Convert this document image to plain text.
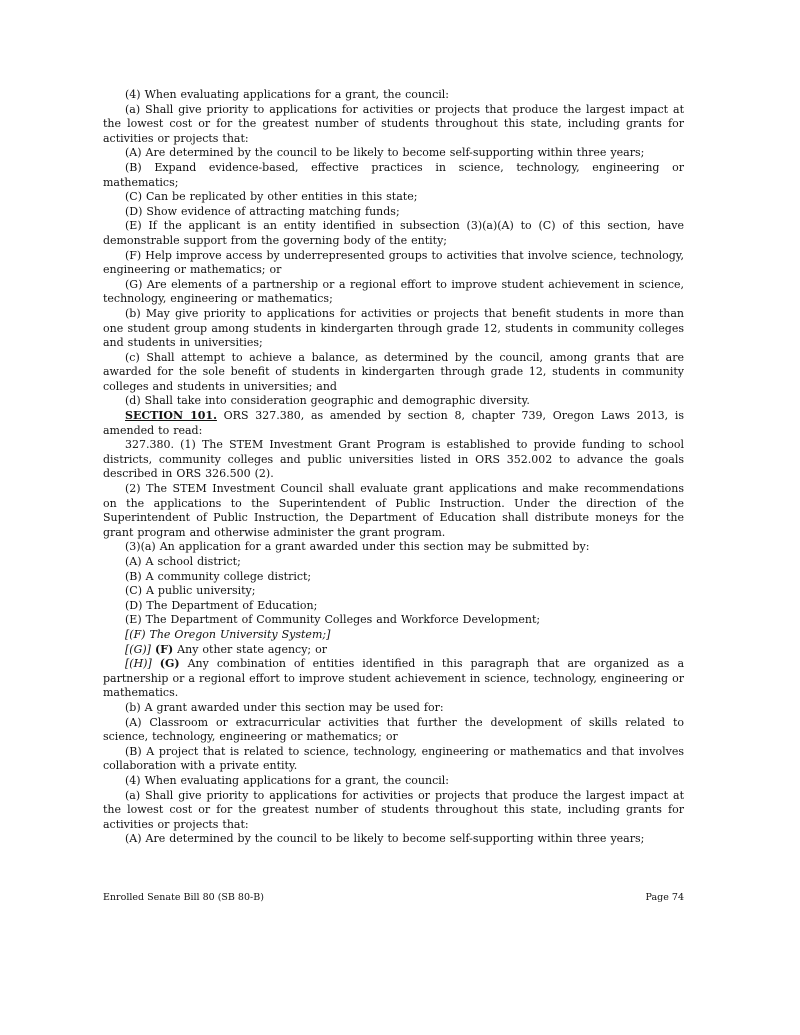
(4) When evaluating applications for a grant, the council:

(a) Shall give priority to applications for activities or projects that produce the largest impact at the lowest cost or for the greatest number of students throughout this state, including grants for activities or projects that:

(A) Are determined by the council to be likely to become self-supporting within three years;

(B) Expand evidence-based, effective practices in science, technology, engineering or mathematics;

(C) Can be replicated by other entities in this state;

(D) Show evidence of attracting matching funds;

(E) If the applicant is an entity identified in subsection (3)(a)(A) to (C) of this section, have demonstrable support from the governing body of the entity;

(F) Help improve access by underrepresented groups to activities that involve science, technology, engineering or mathematics; or

(G) Are elements of a partnership or a regional effort to improve student achievement in science, technology, engineering or mathematics;

(b) May give priority to applications for activities or projects that benefit students in more than one student group among students in kindergarten through grade 12, students in community colleges and students in universities;

(c) Shall attempt to achieve a balance, as determined by the council, among grants that are awarded for the sole benefit of students in kindergarten through grade 12, students in community colleges and students in universities; and

(d) Shall take into consideration geographic and demographic diversity.

SECTION 101. ORS 327.380, as amended by section 8, chapter 739, Oregon Laws 2013, is amended to read:

327.380. (1) The STEM Investment Grant Program is established to provide funding to school districts, community colleges and public universities listed in ORS 352.002 to advance the goals described in ORS 326.500 (2).

(2) The STEM Investment Council shall evaluate grant applications and make recommendations on the applications to the Superintendent of Public Instruction. Under the direction of the Superintendent of Public Instruction, the Department of Education shall distribute moneys for the grant program and otherwise administer the grant program.

(3)(a) An application for a grant awarded under this section may be submitted by:

(A) A school district;

(B) A community college district;

(C) A public university;

(D) The Department of Education;

(E) The Department of Community Colleges and Workforce Development;

[(F) The Oregon University System;]

[(G)] (F) Any other state agency; or

[(H)] (G) Any combination of entities identified in this paragraph that are organized as a partnership or a regional effort to improve student achievement in science, technology, engineering or mathematics.

(b) A grant awarded under this section may be used for:

(A) Classroom or extracurricular activities that further the development of skills related to science, technology, engineering or mathematics; or

(B) A project that is related to science, technology, engineering or mathematics and that involves collaboration with a private entity.

(4) When evaluating applications for a grant, the council:

(a) Shall give priority to applications for activities or projects that produce the largest impact at the lowest cost or for the greatest number of students throughout this state, including grants for activities or projects that:

(A) Are determined by the council to be likely to become self-supporting within three years;

Enrolled Senate Bill 80 (SB 80-B)	Page 74
